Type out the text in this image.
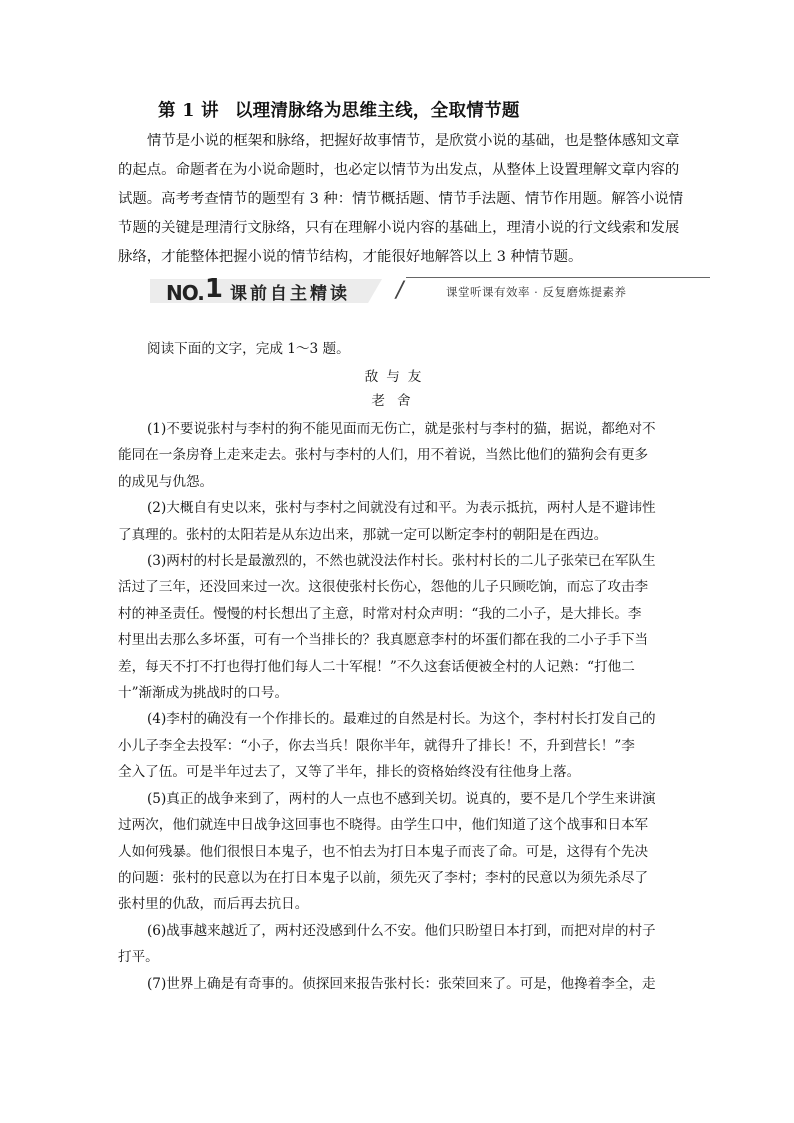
第 1 讲 以理清脉络为思维主线，全取情节题
情节是小说的框架和脉络，把握好故事情节，是欣赏小说的基础，也是整体感知文章
的起点。命题者在为小说命题时，也必定以情节为出发点，从整体上设置理解文章内容的
试题。高考考查情节的题型有 3 种：情节概括题、情节手法题、情节作用题。解答小说情
节题的关键是理清行文脉络，只有在理解小说内容的基础上，理清小说的行文线索和发展
脉络，才能整体把握小说的情节结构，才能很好地解答以上 3 种情节题。
NO.1 课前自主精读 /	课堂听课有效率 · 反复磨炼提素养
阅读下面的文字，完成 1～3 题。
敌与友
老舍
(1)不要说张村与李村的狗不能见面而无伤亡，就是张村与李村的猫，据说，都绝对不
能同在一条房脊上走来走去。张村与李村的人们，用不着说，当然比他们的猫狗会有更多
的成见与仇怨。
(2)大概自有史以来，张村与李村之间就没有过和平。为表示抵抗，两村人是不避讳性
了真理的。张村的太阳若是从东边出来，那就一定可以断定李村的朝阳是在西边。
(3)两村的村长是最激烈的，不然也就没法作村长。张村村长的二儿子张荣已在军队生
活过了三年，还没回来过一次。这很使张村长伤心，怨他的儿子只顾吃饷，而忘了攻击李
村的神圣责任。慢慢的村长想出了主意，时常对村众声明：“我的二小子，是大排长。李
村里出去那么多坏蛋，可有一个当排长的？我真愿意李村的坏蛋们都在我的二小子手下当
差，每天不打不打也得打他们每人二十军棍！”不久这套话便被全村的人记熟：“打他二
十”渐渐成为挑战时的口号。
(4)李村的确没有一个作排长的。最难过的自然是村长。为这个，李村村长打发自己的
小儿子李全去投军：“小子，你去当兵！限你半年，就得升了排长！不，升到营长！”李
全入了伍。可是半年过去了，又等了半年，排长的资格始终没有往他身上落。
(5)真正的战争来到了，两村的人一点也不感到关切。说真的，要不是几个学生来讲演
过两次，他们就连中日战争这回事也不晓得。由学生口中，他们知道了这个战事和日本军
人如何残暴。他们很恨日本鬼子，也不怕去为打日本鬼子而丧了命。可是，这得有个先决
的问题：张村的民意以为在打日本鬼子以前，须先灭了李村；李村的民意以为须先杀尽了
张村里的仇敌，而后再去抗日。
(6)战事越来越近了，两村还没感到什么不安。他们只盼望日本打到，而把对岸的村子
打平。
(7)世界上确是有奇事的。侦探回来报告张村长：张荣回来了。可是，他搀着李全，走
